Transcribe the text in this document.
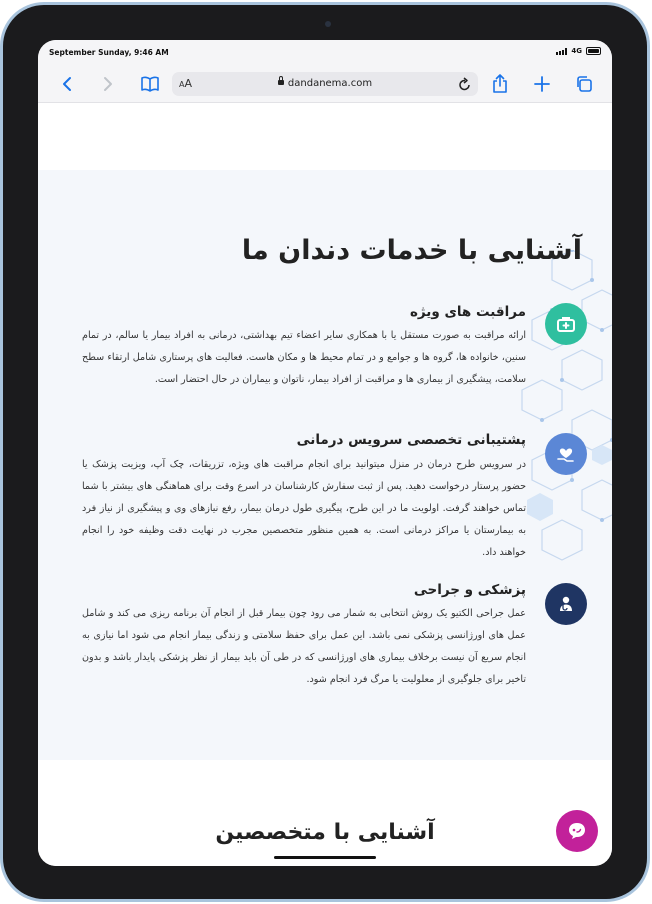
September Sunday, 9:46 AM	4G
AA	dandanema.com
آشنایی با خدمات دندان ما
مراقبت های ویژه

ارائه مراقبت به صورت مستقل یا با همکاری سایر اعضاء تیم بهداشتی، درمانی به افراد بیمار یا سالم، در تمام سنین، خانواده ها، گروه ها و جوامع و در تمام محیط ها و مکان هاست. فعالیت های پرستاری شامل ارتقاء سطح سلامت، پیشگیری از بیماری ها و مراقبت از افراد بیمار، ناتوان و بیماران در حال احتضار است.

پشتیبانی تخصصی سرویس درمانی

در سرویس طرح درمان در منزل میتوانید برای انجام مراقبت های ویژه، تزریقات، چک آپ، ویزیت پزشک یا حضور پرستار درخواست دهید. پس از ثبت سفارش کارشناسان در اسرع وقت برای هماهنگی های بیشتر با شما تماس خواهند گرفت. اولویت ما در این طرح، پیگیری طول درمان بیمار، رفع نیازهای وی و پیشگیری از نیاز فرد به بیمارستان یا مراکز درمانی است. به همین منظور متخصصین مجرب در نهایت دقت وظیفه خود را انجام خواهند داد.

پزشکی و جراحی

عمل جراحی الکتیو یک روش انتخابی به شمار می رود چون بیمار قبل از انجام آن برنامه ریزی می کند و شامل عمل های اورژانسی پزشکی نمی باشد. این عمل برای حفظ سلامتی و زندگی بیمار انجام می شود اما نیازی به انجام سریع آن نیست برخلاف بیماری های اورژانسی که در طی آن باید بیمار از نظر پزشکی پایدار باشد و بدون تاخیر برای جلوگیری از معلولیت یا مرگ فرد انجام شود.

آشنایی با متخصصین
